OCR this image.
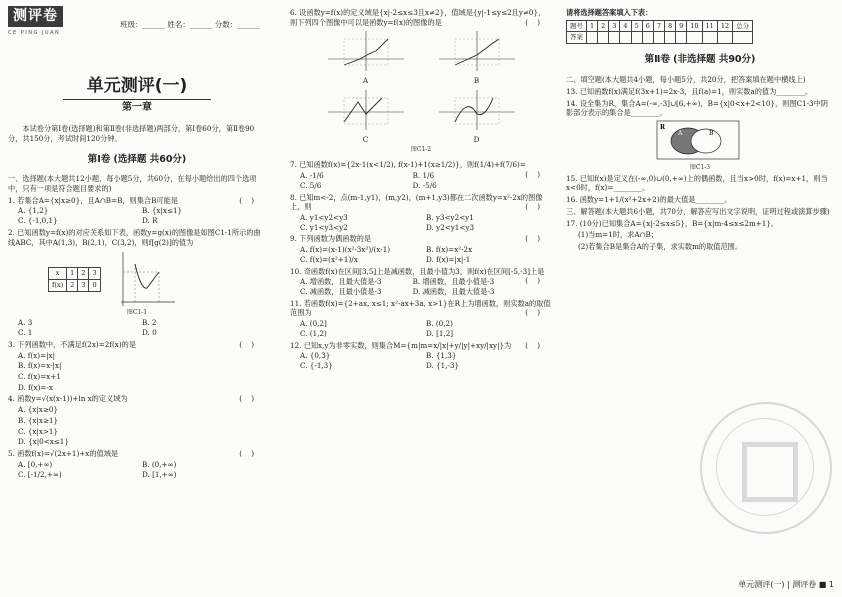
测评卷
CE PING JUAN
班级：______ 姓名：______ 分数：______
单元测评(一)
第一章
本试卷分第Ⅰ卷(选择题)和第Ⅱ卷(非选择题)两部分，第Ⅰ卷60分，第Ⅱ卷90分，共150分，考试时间120分钟。
第Ⅰ卷 (选择题 共60分)
一、选择题(本大题共12小题，每小题5分，共60分，在每小题给出的四个选项中，只有一项是符合题目要求的)
1. 若集合A={x|x≥0}，且A∩B=B，则集合B可能是	(    )
A. {1,2}	B. {x|x≤1}
C. {-1,0,1}	D. R
2. 已知函数y=f(x)的对应关系如下表，函数y=g(x)的图像是如图C1-1所示的曲线ABC，其中A(1,3)，B(2,1)，C(3,2)，则f[g(2)]的值为
x	1	2	3
f(x)	2	3	0
图C1-1
A. 3	B. 2
C. 1	D. 0
3. 下列函数中，不满足f(2x)=2f(x)的是	(    )
A. f(x)=|x|
B. f(x)=x-|x|
C. f(x)=x+1
D. f(x)=-x
4. 函数y=√(x(x-1))+ln x的定义域为	(    )
A. {x|x≥0}
B. {x|x≥1}
C. {x|x>1}
D. {x|0<x≤1}
5. 函数f(x)=√(2x+1)+x的值域是	(    )
A. [0,+∞)	B. (0,+∞)
C. [-1/2,+∞)	D. [1,+∞)
6. 设函数y=f(x)的定义域是{x|-2≤x≤3且x≠2}，值域是{y|-1≤y≤2且y≠0}，则下列四个图像中可以是函数y=f(x)的图像的是	(    )
A	B
C	D
图C1-2
7. 已知函数f(x)={2x-1(x<1/2), f(x-1)+1(x≥1/2)}，则f(1/4)+f(7/6)=
(    )
A. -1/6	B. 1/6
C. 5/6	D. -5/6
8. 已知m<-2，点(m-1,y1)，(m,y2)，(m+1,y3)都在二次函数y=x²-2x的图像上，则	(    )
A. y1<y2<y3	B. y3<y2<y1
C. y1<y3<y2	D. y2<y1<y3
9. 下列函数为偶函数的是	(    )
A. f(x)=(x-1)(x²-3x²)/(x-1)	B. f(x)=x²-2x
C. f(x)=(x²+1)/x	D. f(x)=|x|-1
10. 奇函数f(x)在区间[3,5]上是减函数，且最小值为3，则f(x)在区间[-5,-3]上是
(    )
A. 增函数，且最大值是-3	B. 增函数，且最小值是-3
C. 减函数，且最小值是-3	D. 减函数，且最大值是-3
11. 若函数f(x)={2+ax, x≤1; x²-ax+3a, x>1}在R上为增函数，则实数a的取值范围为	(    )
A. (0,2]	B. (0,2)
C. (1,2)	D. [1,2]
12. 已知x,y为非零实数，则集合M={m|m=x/|x|+y/|y|+xy/|xy|}为 (    )
A. {0,3}	B. {1,3}
C. {-1,3}	D. {1,-3}
请将选择题答案填入下表：
题号	1	2	3	4	5	6	7	8	9	10	11	12	总分
答案													
第Ⅱ卷 (非选择题 共90分)
二、填空题(本大题共4小题，每小题5分，共20分，把答案填在题中横线上)
13. 已知函数f(x)满足f(3x+1)=2x-3，且f(a)=1，则实数a的值为________。
14. 设全集为R，集合A=(-∞,-3]∪[6,+∞)，B={x|0<x+2<10}，则图C1-3中阴影部分表示的集合是________。
R
A	B
图C1-3
15. 已知f(x)是定义在(-∞,0)∪(0,+∞)上的偶函数，且当x>0时，f(x)=x+1，则当x<0时，f(x)=________。
16. 函数y=1+1/(x²+2x+2)的最大值是________。
三、解答题(本大题共6小题，共70分，解答应写出文字说明，证明过程或演算步骤)
17. (10分)已知集合A={x|-2≤x≤5}，B={x|m-4≤x≤2m+1}。
(1)当m=1时，求A∩B；
(2)若集合B是集合A的子集，求实数m的取值范围。
单元测评(一) | 测评卷 ■ 1
